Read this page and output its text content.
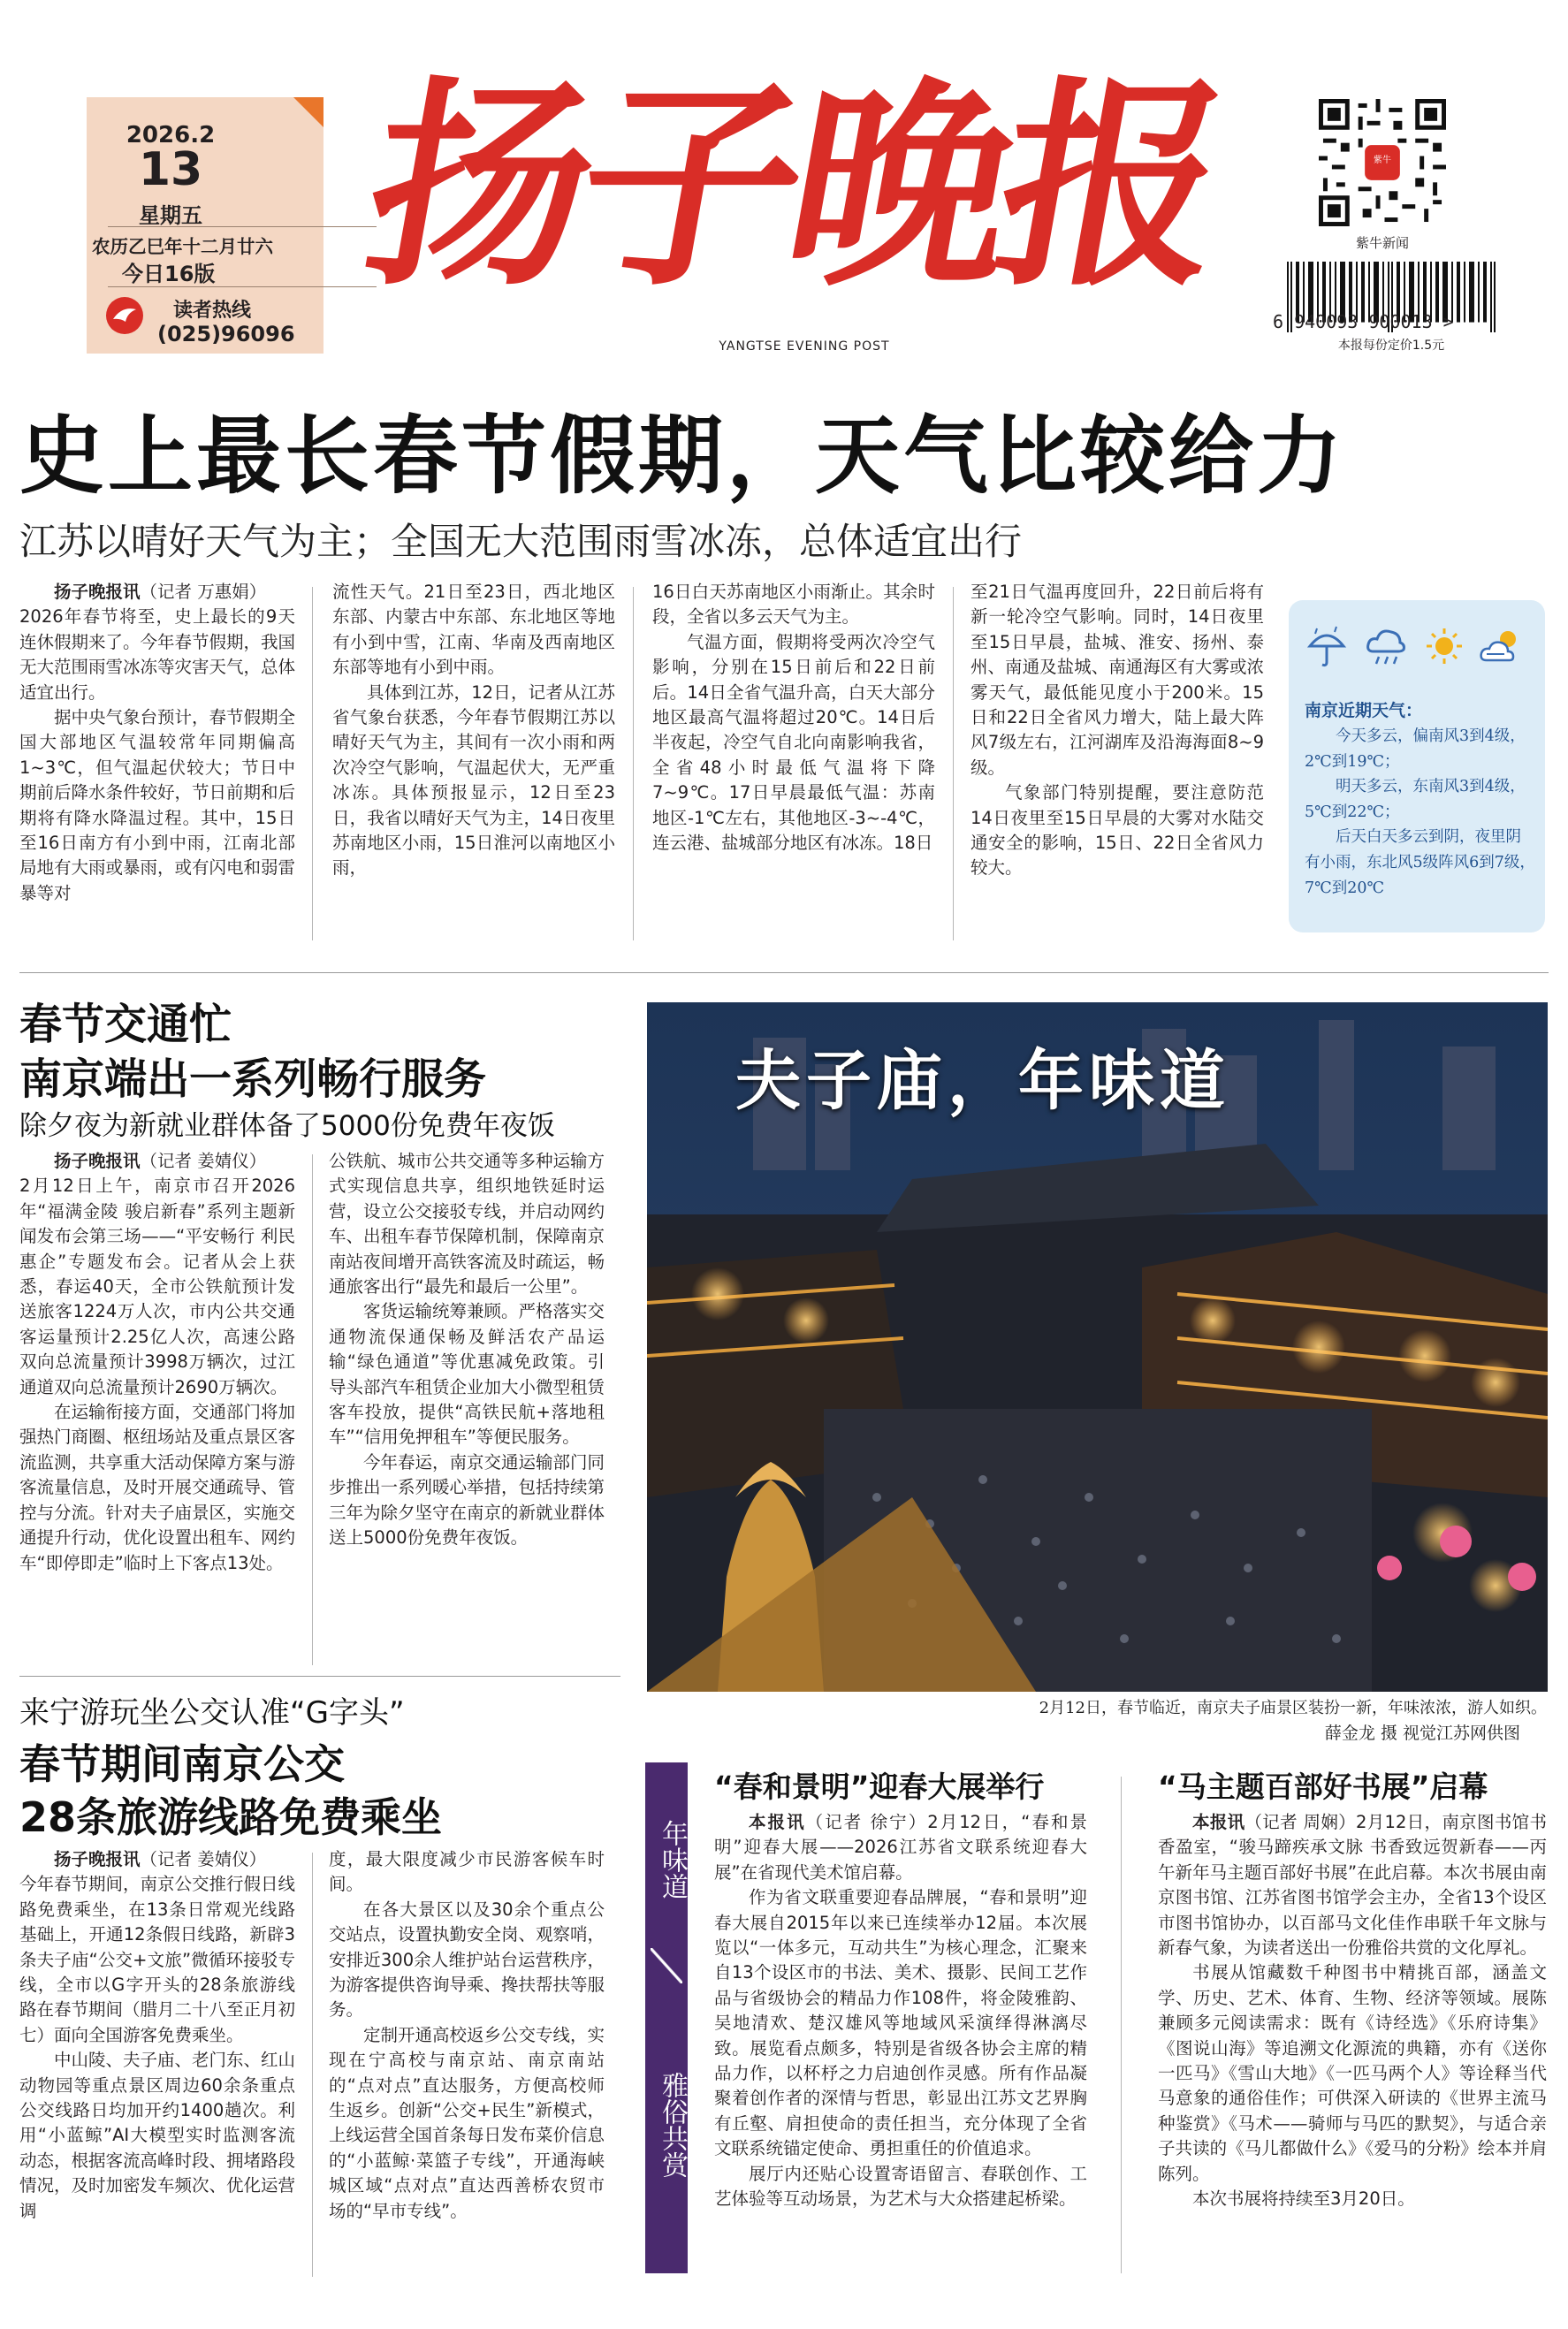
2026.2
13
星期五
农历乙巳年十二月廿六
今日16版
读者热线
(025)96096
扬子晚报
YANGTSE EVENING POST
紫牛
紫牛新闻
6 940093 900013 >
本报每份定价1.5元
史上最长春节假期，天气比较给力
江苏以晴好天气为主；全国无大范围雨雪冰冻，总体适宜出行

扬子晚报讯（记者 万惠娟）

2026年春节将至，史上最长的9天连休假期来了。今年春节假期，我国无大范围雨雪冰冻等灾害天气，总体适宜出行。

据中央气象台预计，春节假期全国大部地区气温较常年同期偏高1~3℃，但气温起伏较大；节日中期前后降水条件较好，节日前期和后期将有降水降温过程。其中，15日至16日南方有小到中雨，江南北部局地有大雨或暴雨，或有闪电和弱雷暴等对

流性天气。21日至23日，西北地区东部、内蒙古中东部、东北地区等地有小到中雪，江南、华南及西南地区东部等地有小到中雨。

具体到江苏，12日，记者从江苏省气象台获悉，今年春节假期江苏以晴好天气为主，其间有一次小雨和两次冷空气影响，气温起伏大，无严重冰冻。具体预报显示，12日至23日，我省以晴好天气为主，14日夜里苏南地区小雨，15日淮河以南地区小雨，

16日白天苏南地区小雨渐止。其余时段，全省以多云天气为主。

气温方面，假期将受两次冷空气影响，分别在15日前后和22日前后。14日全省气温升高，白天大部分地区最高气温将超过20℃。14日后半夜起，冷空气自北向南影响我省，全省48小时最低气温将下降7~9℃。17日早晨最低气温：苏南地区-1℃左右，其他地区-3~-4℃，连云港、盐城部分地区有冰冻。18日

至21日气温再度回升，22日前后将有新一轮冷空气影响。同时，14日夜里至15日早晨，盐城、淮安、扬州、泰州、南通及盐城、南通海区有大雾或浓雾天气，最低能见度小于200米。15日和22日全省风力增大，陆上最大阵风7级左右，江河湖库及沿海海面8~9级。

气象部门特别提醒，要注意防范14日夜里至15日早晨的大雾对水陆交通安全的影响，15日、22日全省风力较大。

南京近期天气：
今天多云，偏南风3到4级，2℃到19℃；
明天多云，东南风3到4级，5℃到22℃；
后天白天多云到阴，夜里阴有小雨，东北风5级阵风6到7级，7℃到20℃
春节交通忙
南京端出一系列畅行服务
除夕夜为新就业群体备了5000份免费年夜饭

扬子晚报讯（记者 姜婧仪）

2月12日上午，南京市召开2026年“福满金陵 骏启新春”系列主题新闻发布会第三场——“平安畅行 利民惠企”专题发布会。记者从会上获悉，春运40天，全市公铁航预计发送旅客1224万人次，市内公共交通客运量预计2.25亿人次，高速公路双向总流量预计3998万辆次，过江通道双向总流量预计2690万辆次。

在运输衔接方面，交通部门将加强热门商圈、枢纽场站及重点景区客流监测，共享重大活动保障方案与游客流量信息，及时开展交通疏导、管控与分流。针对夫子庙景区，实施交通提升行动，优化设置出租车、网约车“即停即走”临时上下客点13处。

公铁航、城市公共交通等多种运输方式实现信息共享，组织地铁延时运营，设立公交接驳专线，并启动网约车、出租车春节保障机制，保障南京南站夜间增开高铁客流及时疏运，畅通旅客出行“最先和最后一公里”。

客货运输统筹兼顾。严格落实交通物流保通保畅及鲜活农产品运输“绿色通道”等优惠减免政策。引导头部汽车租赁企业加大小微型租赁客车投放，提供“高铁民航+落地租车”“信用免押租车”等便民服务。

今年春运，南京交通运输部门同步推出一系列暖心举措，包括持续第三年为除夕坚守在南京的新就业群体送上5000份免费年夜饭。

来宁游玩坐公交认准“G字头”
春节期间南京公交
28条旅游线路免费乘坐

扬子晚报讯（记者 姜婧仪）

今年春节期间，南京公交推行假日线路免费乘坐，在13条日常观光线路基础上，开通12条假日线路，新辟3条夫子庙“公交+文旅”微循环接驳专线，全市以G字开头的28条旅游线路在春节期间（腊月二十八至正月初七）面向全国游客免费乘坐。

中山陵、夫子庙、老门东、红山动物园等重点景区周边60余条重点公交线路日均加开约1400趟次。利用“小蓝鲸”AI大模型实时监测客流动态，根据客流高峰时段、拥堵路段情况，及时加密发车频次、优化运营调

度，最大限度减少市民游客候车时间。

在各大景区以及30余个重点公交站点，设置执勤安全岗、观察哨，安排近300余人维护站台运营秩序，为游客提供咨询导乘、搀扶帮扶等服务。

定制开通高校返乡公交专线，实现在宁高校与南京站、南京南站的“点对点”直达服务，方便高校师生返乡。创新“公交+民生”新模式，上线运营全国首条每日发布菜价信息的“小蓝鲸·菜篮子专线”，开通海峡城区域“点对点”直达西善桥农贸市场的“早市专线”。

夫子庙，年味道
2月12日，春节临近，南京夫子庙景区装扮一新，年味浓浓，游人如织。
薛金龙 摄 视觉江苏网供图
年味道
雅俗共赏
“春和景明”迎春大展举行

本报讯（记者 徐宁）2月12日，“春和景明”迎春大展——2026江苏省文联系统迎春大展”在省现代美术馆启幕。

作为省文联重要迎春品牌展，“春和景明”迎春大展自2015年以来已连续举办12届。本次展览以“一体多元，互动共生”为核心理念，汇聚来自13个设区市的书法、美术、摄影、民间工艺作品与省级协会的精品力作108件，将金陵雅韵、吴地清欢、楚汉雄风等地域风采演绎得淋漓尽致。展览看点颇多，特别是省级各协会主席的精品力作，以杯杼之力启迪创作灵感。所有作品凝聚着创作者的深情与哲思，彰显出江苏文艺界胸有丘壑、肩担使命的责任担当，充分体现了全省文联系统锚定使命、勇担重任的价值追求。

展厅内还贴心设置寄语留言、春联创作、工艺体验等互动场景，为艺术与大众搭建起桥梁。

“马主题百部好书展”启幕

本报讯（记者 周娴）2月12日，南京图书馆书香盈室，“骏马蹄疾承文脉 书香致远贺新春——丙午新年马主题百部好书展”在此启幕。本次书展由南京图书馆、江苏省图书馆学会主办，全省13个设区市图书馆协办，以百部马文化佳作串联千年文脉与新春气象，为读者送出一份雅俗共赏的文化厚礼。

书展从馆藏数千种图书中精挑百部，涵盖文学、历史、艺术、体育、生物、经济等领域。展陈兼顾多元阅读需求：既有《诗经选》《乐府诗集》《图说山海》等追溯文化源流的典籍，亦有《送你一匹马》《雪山大地》《一匹马两个人》等诠释当代马意象的通俗佳作；可供深入研读的《世界主流马种鉴赏》《马术——骑师与马匹的默契》，与适合亲子共读的《马儿都做什么》《爱马的分粉》绘本并肩陈列。

本次书展将持续至3月20日。
